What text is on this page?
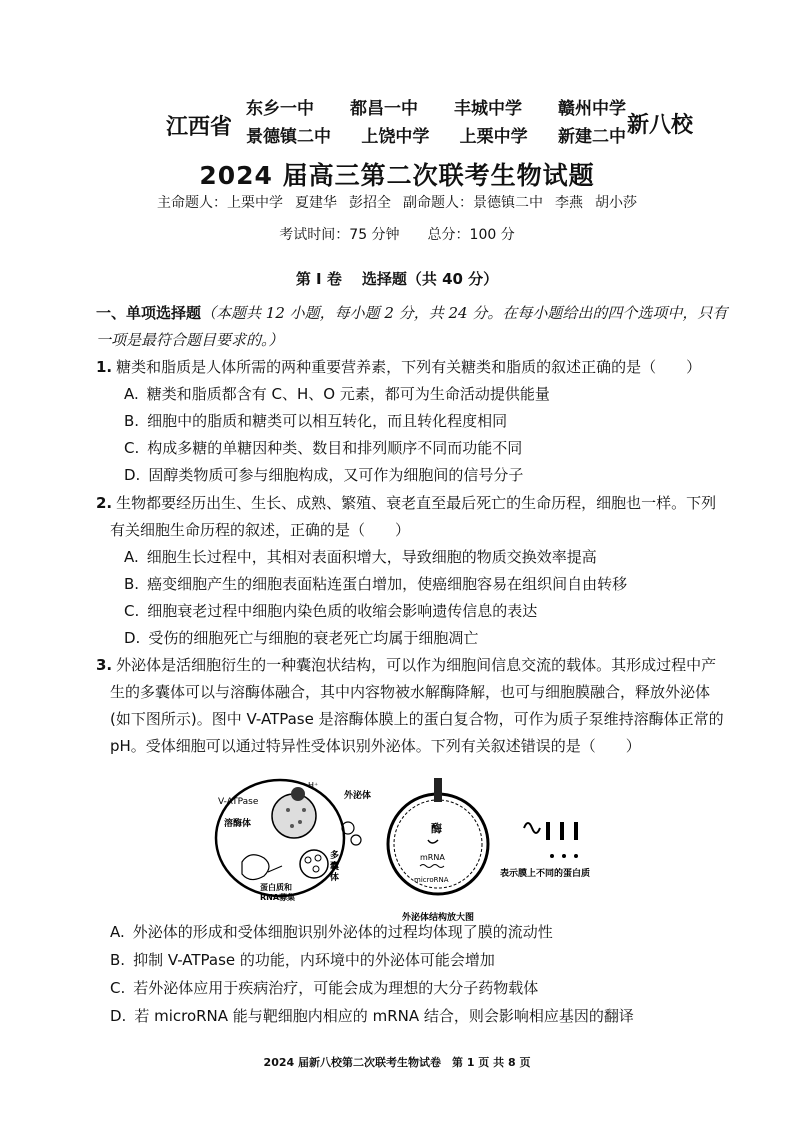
江西省
东乡一中 都昌一中 丰城中学 赣州中学
景德镇二中 上饶中学 上栗中学 新建二中 新八校
2024 届高三第二次联考生物试题
主命题人：上栗中学 夏建华 彭招全 副命题人：景德镇二中 李燕 胡小莎
考试时间：75 分钟 总分：100 分
第 I 卷 选择题（共 40 分）
一、单项选择题（本题共 12 小题，每小题 2 分，共 24 分。在每小题给出的四个选项中，只有
一项是最符合题目要求的。）
1. 糖类和脂质是人体所需的两种重要营养素，下列有关糖类和脂质的叙述正确的是（　　）
A. 糖类和脂质都含有 C、H、O 元素，都可为生命活动提供能量
B. 细胞中的脂质和糖类可以相互转化，而且转化程度相同
C. 构成多糖的单糖因种类、数目和排列顺序不同而功能不同
D. 固醇类物质可参与细胞构成，又可作为细胞间的信号分子
2. 生物都要经历出生、生长、成熟、繁殖、衰老直至最后死亡的生命历程，细胞也一样。下列
有关细胞生命历程的叙述，正确的是（　　）
A. 细胞生长过程中，其相对表面积增大，导致细胞的物质交换效率提高
B. 癌变细胞产生的细胞表面粘连蛋白增加，使癌细胞容易在组织间自由转移
C. 细胞衰老过程中细胞内染色质的收缩会影响遗传信息的表达
D. 受伤的细胞死亡与细胞的衰老死亡均属于细胞凋亡
3. 外泌体是活细胞衍生的一种囊泡状结构，可以作为细胞间信息交流的载体。其形成过程中产
生的多囊体可以与溶酶体融合，其中内容物被水解酶降解，也可与细胞膜融合，释放外泌体
(如下图所示)。图中 V-ATPase 是溶酶体膜上的蛋白复合物，可作为质子泵维持溶酶体正常的
pH。受体细胞可以通过特异性受体识别外泌体。下列有关叙述错误的是（　　）
V-ATPase
H⁺
溶酶体
多
囊
体
外泌体
蛋白质和
RNA募集
酶
mRNA
microRNA
外泌体结构放大图
表示膜上不同的蛋白质
A. 外泌体的形成和受体细胞识别外泌体的过程均体现了膜的流动性
B. 抑制 V-ATPase 的功能，内环境中的外泌体可能会增加
C. 若外泌体应用于疾病治疗，可能会成为理想的大分子药物载体
D. 若 microRNA 能与靶细胞内相应的 mRNA 结合，则会影响相应基因的翻译
2024 届新八校第二次联考生物试卷　第 1 页 共 8 页
